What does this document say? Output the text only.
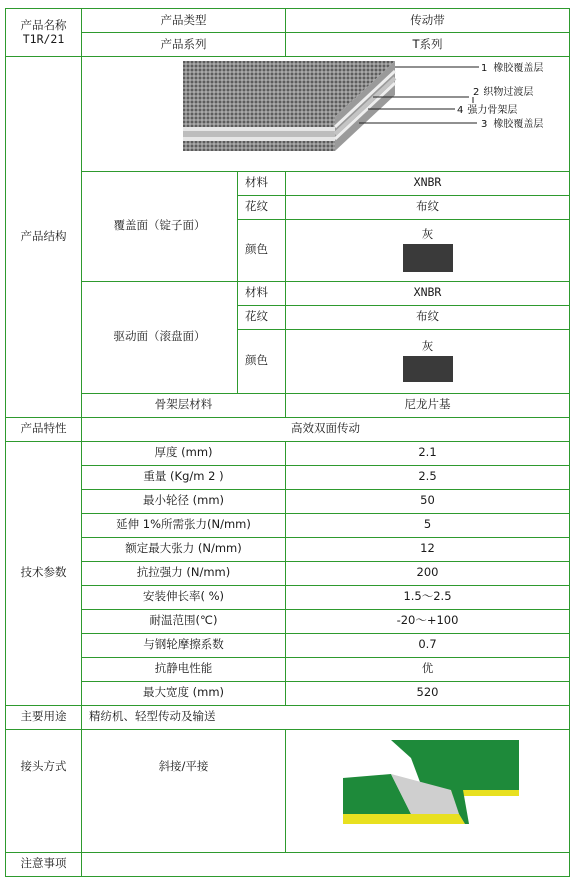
产品名称
T1R/21	产品类型		传动带
	产品系列		T系列
产品结构	1 橡胶覆盖层
2 织物过渡层
4 强力骨架层
3 橡胶覆盖层		

	覆盖面（锭子面）	材料	XNBR
		花纹	布纹
		颜色	灰

	驱动面（滚盘面）	材料	XNBR
		花纹	布纹
		颜色	灰

	骨架层材料		尼龙片基
产品特性	高效双面传动		
技术参数	厚度 (mm)		2.1
	重量 (Kg/m 2 )		2.5
	最小轮径 (mm)		50
	延伸 1%所需张力(N/mm)		5
	额定最大张力 (N/mm)		12
	抗拉强力 (N/mm)		200
	安装伸长率( %)		1.5～2.5
	耐温范围(℃)		-20～+100
	与钢轮摩擦系数		0.7
	抗静电性能		优
	最大宽度 (mm)		520
主要用途	精纺机、轻型传动及输送		
接头方式	斜接/平接	
注意事项			
